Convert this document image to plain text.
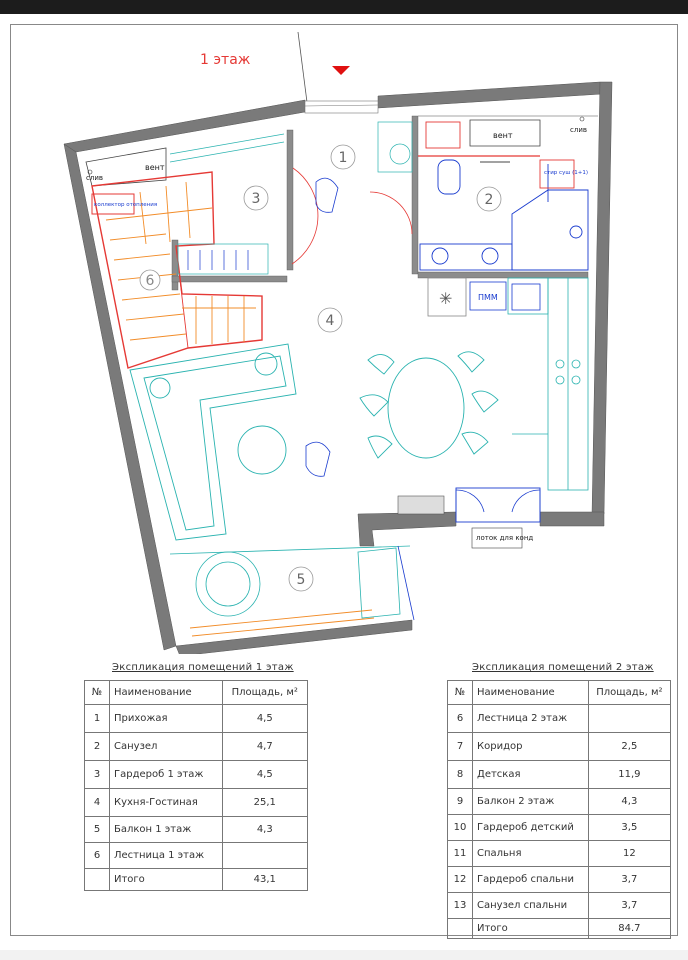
1 этаж
вент
слив
вент
слив
коллектор отопления
стир суш (1+1)
✳	ПММ
лоток для конд
1
2
3
4
5
6
Экспликация помещений 1 этаж
№	Наименование	Площадь, м²
1	Прихожая	4,5
2	Санузел	4,7
3	Гардероб 1 этаж	4,5
4	Кухня-Гостиная	25,1
5	Балкон 1 этаж	4,3
6	Лестница 1 этаж	
	Итого	43,1
Экспликация помещений 2 этаж
№	Наименование	Площадь, м²
6	Лестница 2 этаж	
7	Коридор	2,5
8	Детская	11,9
9	Балкон 2 этаж	4,3
10	Гардероб детский	3,5
11	Спальня	12
12	Гардероб спальни	3,7
13	Санузел спальни	3,7
	Итого	84.7
